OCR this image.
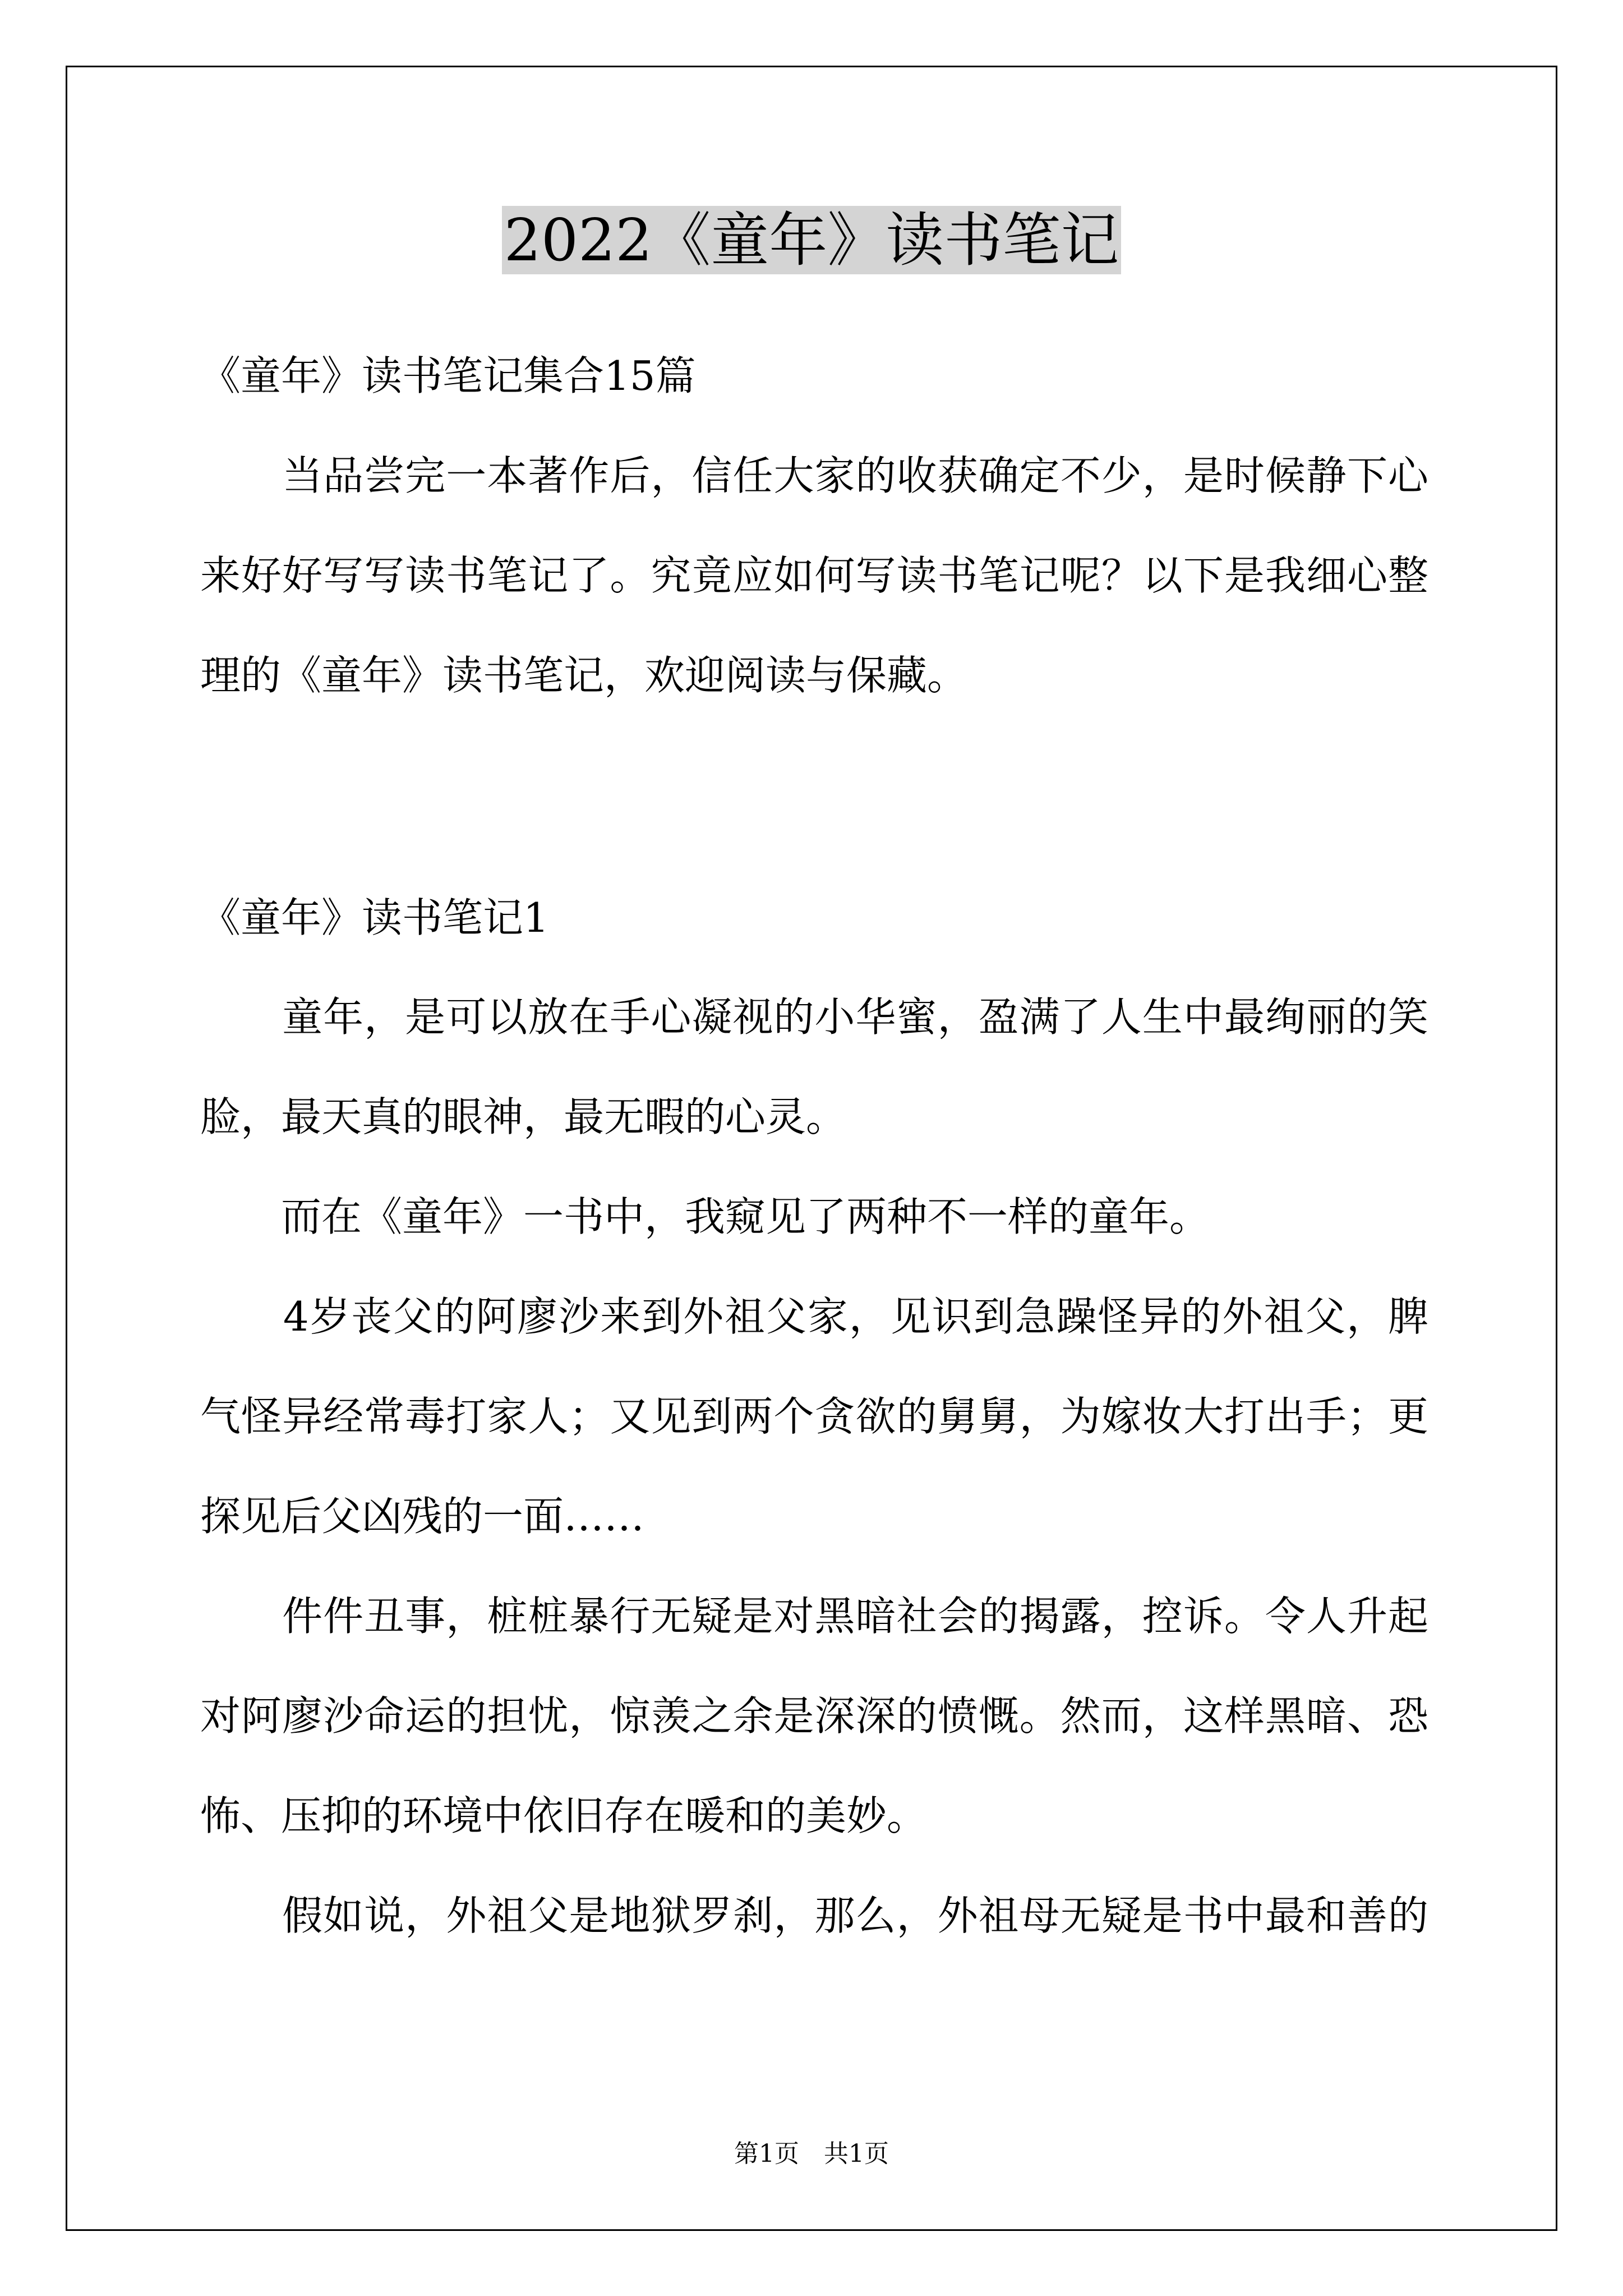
2022《童年》读书笔记
《童年》读书笔记集合15篇
　　当品尝完一本著作后，信任大家的收获确定不少，是时候静下心
来好好写写读书笔记了。究竟应如何写读书笔记呢？以下是我细心整
理的《童年》读书笔记，欢迎阅读与保藏。
《童年》读书笔记1
　　童年，是可以放在手心凝视的小华蜜，盈满了人生中最绚丽的笑
脸，最天真的眼神，最无暇的心灵。
　　而在《童年》一书中，我窥见了两种不一样的童年。
　　4岁丧父的阿廖沙来到外祖父家，见识到急躁怪异的外祖父，脾
气怪异经常毒打家人；又见到两个贪欲的舅舅，为嫁妆大打出手；更
探见后父凶残的一面……
　　件件丑事，桩桩暴行无疑是对黑暗社会的揭露，控诉。令人升起
对阿廖沙命运的担忧，惊羡之余是深深的愤慨。然而，这样黑暗、恐
怖、压抑的环境中依旧存在暖和的美妙。
　　假如说，外祖父是地狱罗刹，那么，外祖母无疑是书中最和善的
第1页　共1页
